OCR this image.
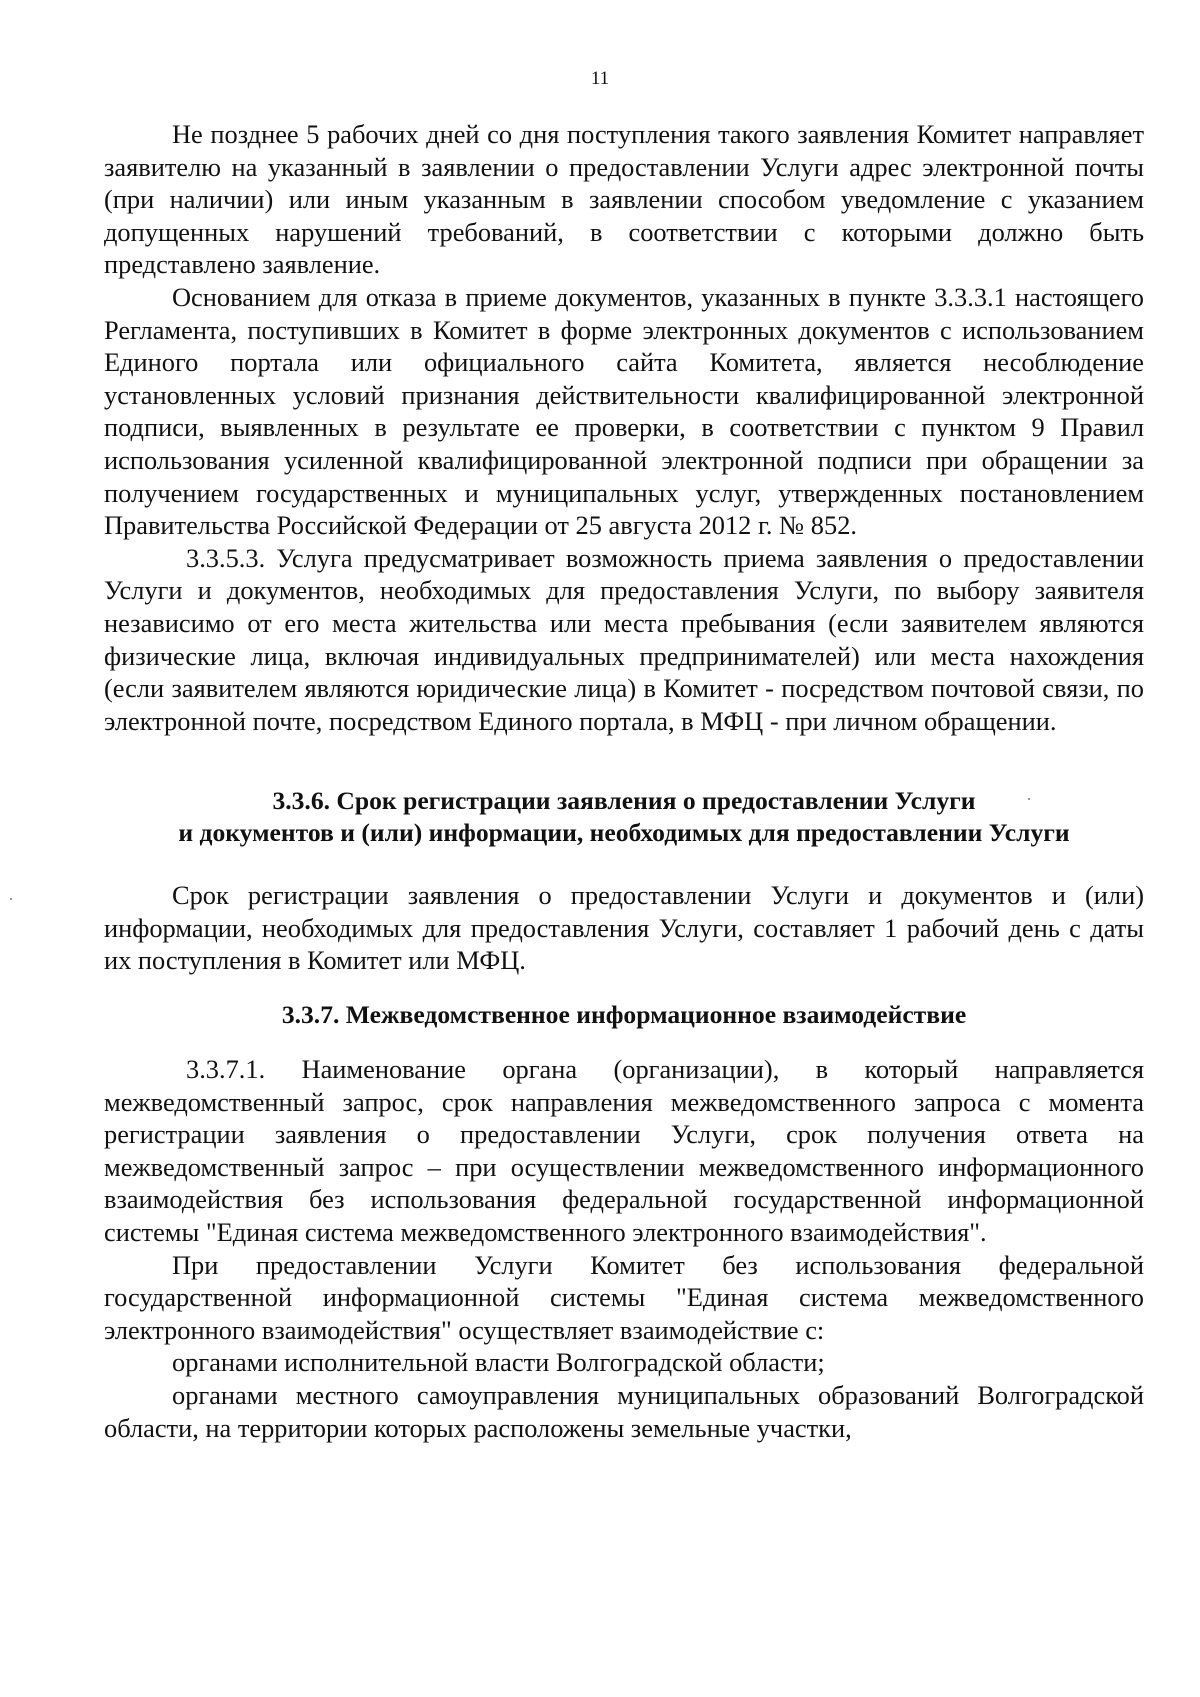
11

Не позднее 5 рабочих дней со дня поступления такого заявления Комитет направляет заявителю на указанный в заявлении о предоставлении Услуги адрес электронной почты (при наличии) или иным указанным в заявлении способом уведомление с указанием допущенных нарушений требований, в соответствии с которыми должно быть представлено заявление.

Основанием для отказа в приеме документов, указанных в пункте 3.3.3.1 настоящего Регламента, поступивших в Комитет в форме электронных документов с использованием Единого портала или официального сайта Комитета, является несоблюдение установленных условий признания действительности квалифицированной электронной подписи, выявленных в результате ее проверки, в соответствии с пунктом 9 Правил использования усиленной квалифицированной электронной подписи при обращении за получением государственных и муниципальных услуг, утвержденных постановлением Правительства Российской Федерации от 25 августа 2012 г. № 852.

3.3.5.3. Услуга предусматривает возможность приема заявления о предоставлении Услуги и документов, необходимых для предоставления Услуги, по выбору заявителя независимо от его места жительства или места пребывания (если заявителем являются физические лица, включая индивидуальных предпринимателей) или места нахождения (если заявителем являются юридические лица) в Комитет - посредством почтовой связи, по электронной почте, посредством Единого портала, в МФЦ - при личном обращении.

3.3.6. Срок регистрации заявления о предоставлении Услуги
и документов и (или) информации, необходимых для предоставлении Услуги

Срок регистрации заявления о предоставлении Услуги и документов и (или) информации, необходимых для предоставления Услуги, составляет 1 рабочий день с даты их поступления в Комитет или МФЦ.

3.3.7. Межведомственное информационное взаимодействие

3.3.7.1. Наименование органа (организации), в который направляется межведомственный запрос, срок направления межведомственного запроса с момента регистрации заявления о предоставлении Услуги, срок получения ответа на межведомственный запрос – при осуществлении межведомственного информационного взаимодействия без использования федеральной государственной информационной системы "Единая система межведомственного электронного взаимодействия".

При предоставлении Услуги Комитет без использования федеральной государственной информационной системы "Единая система межведомственного электронного взаимодействия" осуществляет взаимодействие с:

органами исполнительной власти Волгоградской области;

органами местного самоуправления муниципальных образований Волгоградской области, на территории которых расположены земельные участки,
